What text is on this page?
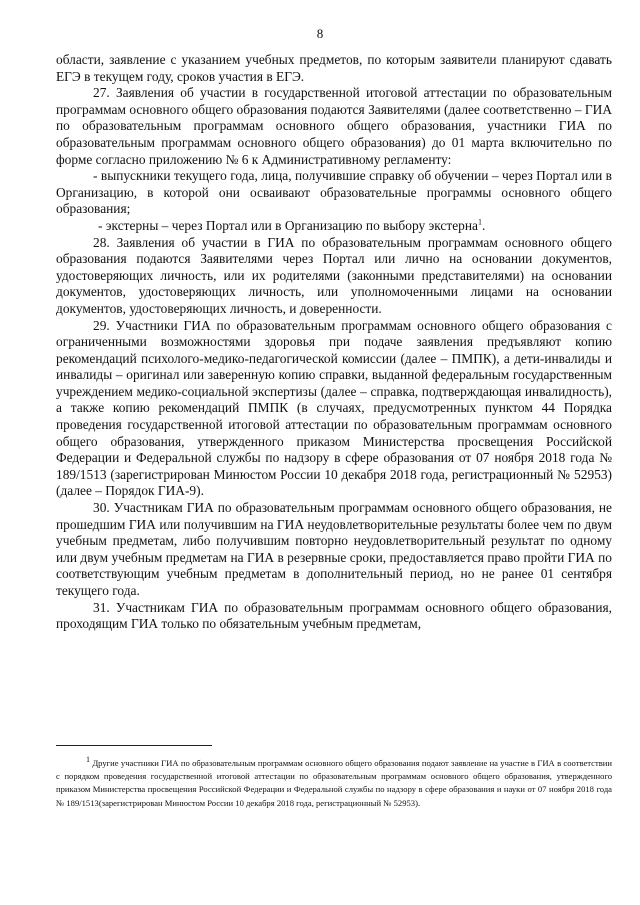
8

области, заявление с указанием учебных предметов, по которым заявители планируют сдавать ЕГЭ в текущем году, сроков участия в ЕГЭ.

27. Заявления об участии в государственной итоговой аттестации по образовательным программам основного общего образования подаются Заявителями (далее соответственно – ГИА по образовательным программам основного общего образования, участники ГИА по образовательным программам основного общего образования) до 01 марта включительно по форме согласно приложению № 6 к Административному регламенту:

- выпускники текущего года, лица, получившие справку об обучении – через Портал или в Организацию, в которой они осваивают образовательные программы основного общего образования;

- экстерны – через Портал или в Организацию по выбору экстерна$^1$.

28. Заявления об участии в ГИА по образовательным программам основного общего образования подаются Заявителями через Портал или лично на основании документов, удостоверяющих личность, или их родителями (законными представителями) на основании документов, удостоверяющих личность, или уполномоченными лицами на основании документов, удостоверяющих личность, и доверенности.

29. Участники ГИА по образовательным программам основного общего образования с ограниченными возможностями здоровья при подаче заявления предъявляют копию рекомендаций психолого-медико-педагогической комиссии (далее – ПМПК), а дети-инвалиды и инвалиды – оригинал или заверенную копию справки, выданной федеральным государственным учреждением медико-социальной экспертизы (далее – справка, подтверждающая инвалидность), а также копию рекомендаций ПМПК (в случаях, предусмотренных пунктом 44 Порядка проведения государственной итоговой аттестации по образовательным программам основного общего образования, утвержденного приказом Министерства просвещения Российской Федерации и Федеральной службы по надзору в сфере образования от 07 ноября 2018 года № 189/1513 (зарегистрирован Минюстом России 10 декабря 2018 года, регистрационный № 52953) (далее – Порядок ГИА-9).

30. Участникам ГИА по образовательным программам основного общего образования, не прошедшим ГИА или получившим на ГИА неудовлетворительные результаты более чем по двум учебным предметам, либо получившим повторно неудовлетворительный результат по одному или двум учебным предметам на ГИА в резервные сроки, предоставляется право пройти ГИА по соответствующим учебным предметам в дополнительный период, но не ранее 01 сентября текущего года.

31. Участникам ГИА по образовательным программам основного общего образования, проходящим ГИА только по обязательным учебным предметам,

$^1$ Другие участники ГИА по образовательным программам основного общего образования подают заявление на участие в ГИА в соответствии с порядком проведения государственной итоговой аттестации по образовательным программам основного общего образования, утвержденного приказом Министерства просвещения Российской Федерации и Федеральной службы по надзору в сфере образования и науки от 07 ноября 2018 года № 189/1513(зарегистрирован Минюстом России 10 декабря 2018 года, регистрационный № 52953).
